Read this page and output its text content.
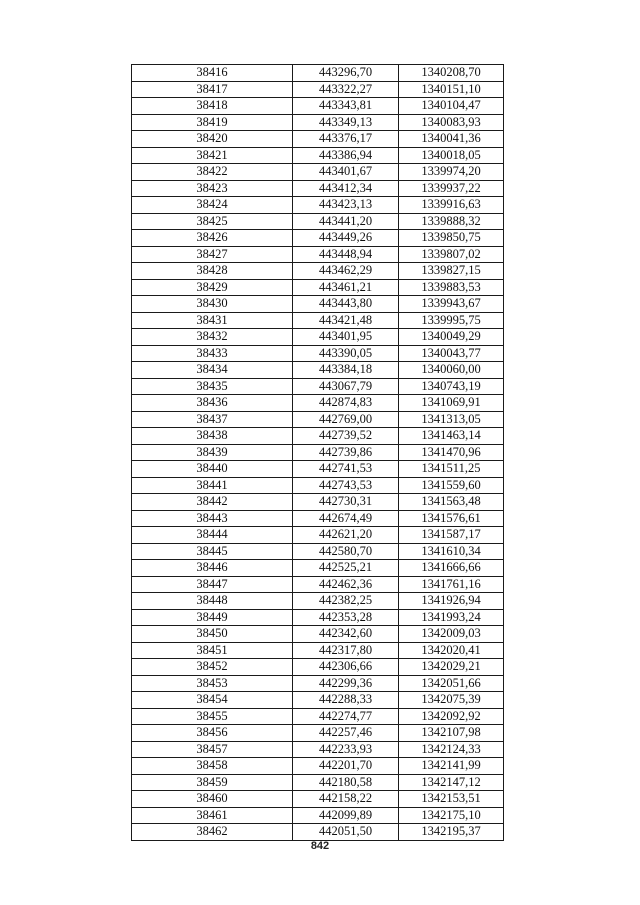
38416	443296,70	1340208,70
38417	443322,27	1340151,10
38418	443343,81	1340104,47
38419	443349,13	1340083,93
38420	443376,17	1340041,36
38421	443386,94	1340018,05
38422	443401,67	1339974,20
38423	443412,34	1339937,22
38424	443423,13	1339916,63
38425	443441,20	1339888,32
38426	443449,26	1339850,75
38427	443448,94	1339807,02
38428	443462,29	1339827,15
38429	443461,21	1339883,53
38430	443443,80	1339943,67
38431	443421,48	1339995,75
38432	443401,95	1340049,29
38433	443390,05	1340043,77
38434	443384,18	1340060,00
38435	443067,79	1340743,19
38436	442874,83	1341069,91
38437	442769,00	1341313,05
38438	442739,52	1341463,14
38439	442739,86	1341470,96
38440	442741,53	1341511,25
38441	442743,53	1341559,60
38442	442730,31	1341563,48
38443	442674,49	1341576,61
38444	442621,20	1341587,17
38445	442580,70	1341610,34
38446	442525,21	1341666,66
38447	442462,36	1341761,16
38448	442382,25	1341926,94
38449	442353,28	1341993,24
38450	442342,60	1342009,03
38451	442317,80	1342020,41
38452	442306,66	1342029,21
38453	442299,36	1342051,66
38454	442288,33	1342075,39
38455	442274,77	1342092,92
38456	442257,46	1342107,98
38457	442233,93	1342124,33
38458	442201,70	1342141,99
38459	442180,58	1342147,12
38460	442158,22	1342153,51
38461	442099,89	1342175,10
38462	442051,50	1342195,37
842
